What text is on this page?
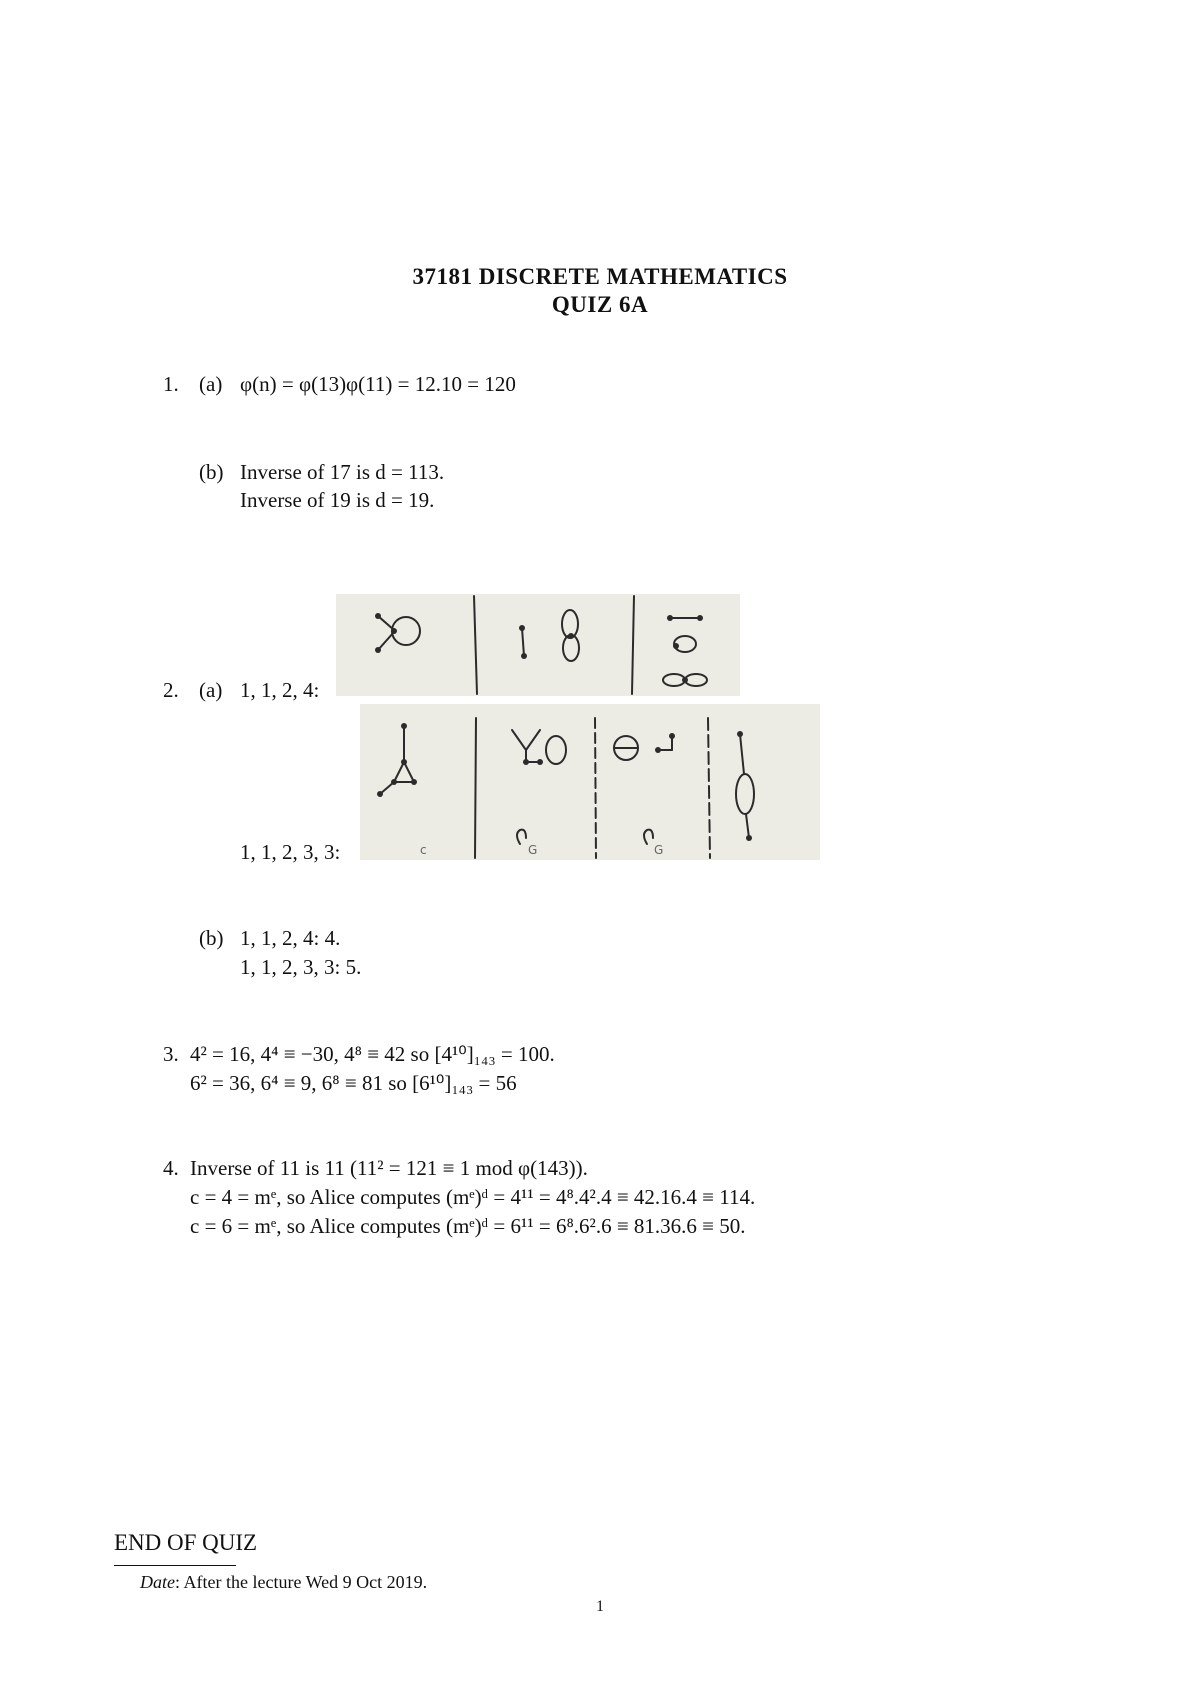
37181 DISCRETE MATHEMATICS
QUIZ 6A
1. (a) φ(n) = φ(13)φ(11) = 12.10 = 120
(b) Inverse of 17 is d = 113.
Inverse of 19 is d = 19.
2. (a) 1, 1, 2, 4:
1, 1, 2, 3, 3:	c	G	G
(b) 1, 1, 2, 4: 4.
1, 1, 2, 3, 3: 5.
3. 4² = 16, 4⁴ ≡ −30, 4⁸ ≡ 42 so [4¹⁰]₁₄₃ = 100.
6² = 36, 6⁴ ≡ 9, 6⁸ ≡ 81 so [6¹⁰]₁₄₃ = 56
4. Inverse of 11 is 11 (11² = 121 ≡ 1 mod φ(143)).
c = 4 = mᵉ, so Alice computes (mᵉ)ᵈ = 4¹¹ = 4⁸.4².4 ≡ 42.16.4 ≡ 114.
c = 6 = mᵉ, so Alice computes (mᵉ)ᵈ = 6¹¹ = 6⁸.6².6 ≡ 81.36.6 ≡ 50.
END OF QUIZ
Date: After the lecture Wed 9 Oct 2019.
1
